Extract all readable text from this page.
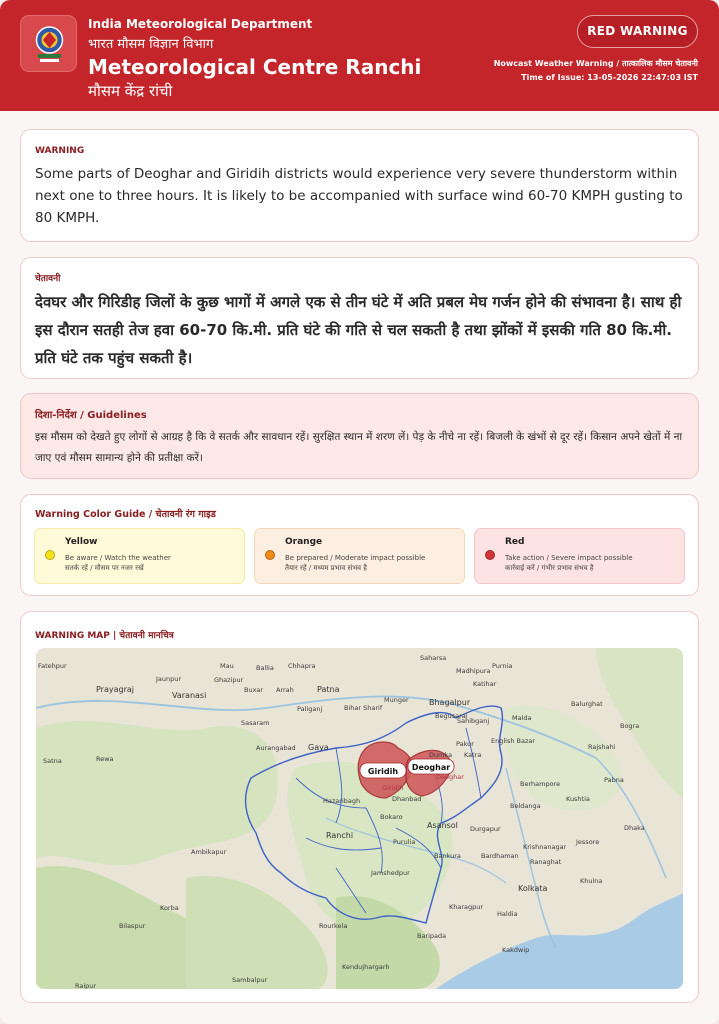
India Meteorological Department
भारत मौसम विज्ञान विभाग
Meteorological Centre Ranchi
मौसम केंद्र रांची
RED WARNING
Nowcast Weather Warning / तात्कालिक मौसम चेतावनी
Time of Issue: 13-05-2026 22:47:03 IST
WARNING
Some parts of Deoghar and Giridih districts would experience very severe thunderstorm within next one to three hours. It is likely to be accompanied with surface wind 60-70 KMPH gusting to 80 KMPH.
चेतावनी
देवघर और गिरिडीह जिलों के कुछ भागों में अगले एक से तीन घंटे में अति प्रबल मेघ गर्जन होने की संभावना है। साथ ही इस दौरान सतही तेज हवा 60-70 कि.मी. प्रति घंटे की गति से चल सकती है तथा झोंकों में इसकी गति 80 कि.मी. प्रति घंटे तक पहुंच सकती है।
दिशा-निर्देश / Guidelines
इस मौसम को देखते हुए लोगों से आग्रह है कि वे सतर्क और सावधान रहें। सुरक्षित स्थान में शरण लें। पेड़ के नीचे ना रहें। बिजली के खंभों से दूर रहें। किसान अपने खेतों में ना जाए एवं मौसम सामान्य होने की प्रतीक्षा करें।
Warning Color Guide / चेतावनी रंग गाइड
Yellow
Be aware / Watch the weather
सतर्क रहें / मौसम पर नजर रखें
Orange
Be prepared / Moderate impact possible
तैयार रहें / मध्यम प्रभाव संभव है
Red
Take action / Severe impact possible
कार्रवाई करें / गंभीर प्रभाव संभव है
WARNING MAP | चेतावनी मानचित्र
Giridih Deoghar
Fatehpur
Prayagraj
Varanasi
Jaunpur
Mau	Ballia
Ghazipur
Chhapra
Patna
Buxar Arrah
Sasaram
Paliganj	Bihar Sharif
Munger	Bhagalpur
Saharsa
Purnia
Katihar
Malda
Aurangabad Gaya
Hazaribagh
Ranchi
Dhanbad
Bokaro
Asansol Durgapur
Jamshedpur
Rourkela
Kharagpur
Kolkata
Sambalpur
Raipur
Korba
Bilaspur
Ambikapur
Satna	Rewa
Baripada
Kendujhargarh
Berhampore
Beldanga
Krishnanagar
Ranaghat
Bardhaman
Bankura
Purulia
Haldia
Kakdwip
Balurghat
Rajshahi
Dhaka
Kushtia
Jessore
Khulna
Pabna
Bogra
Begusarai
Deoghar
Giridih
Madhipura
English Bazar
Sahibganj
Pakur
Dumka Katra
